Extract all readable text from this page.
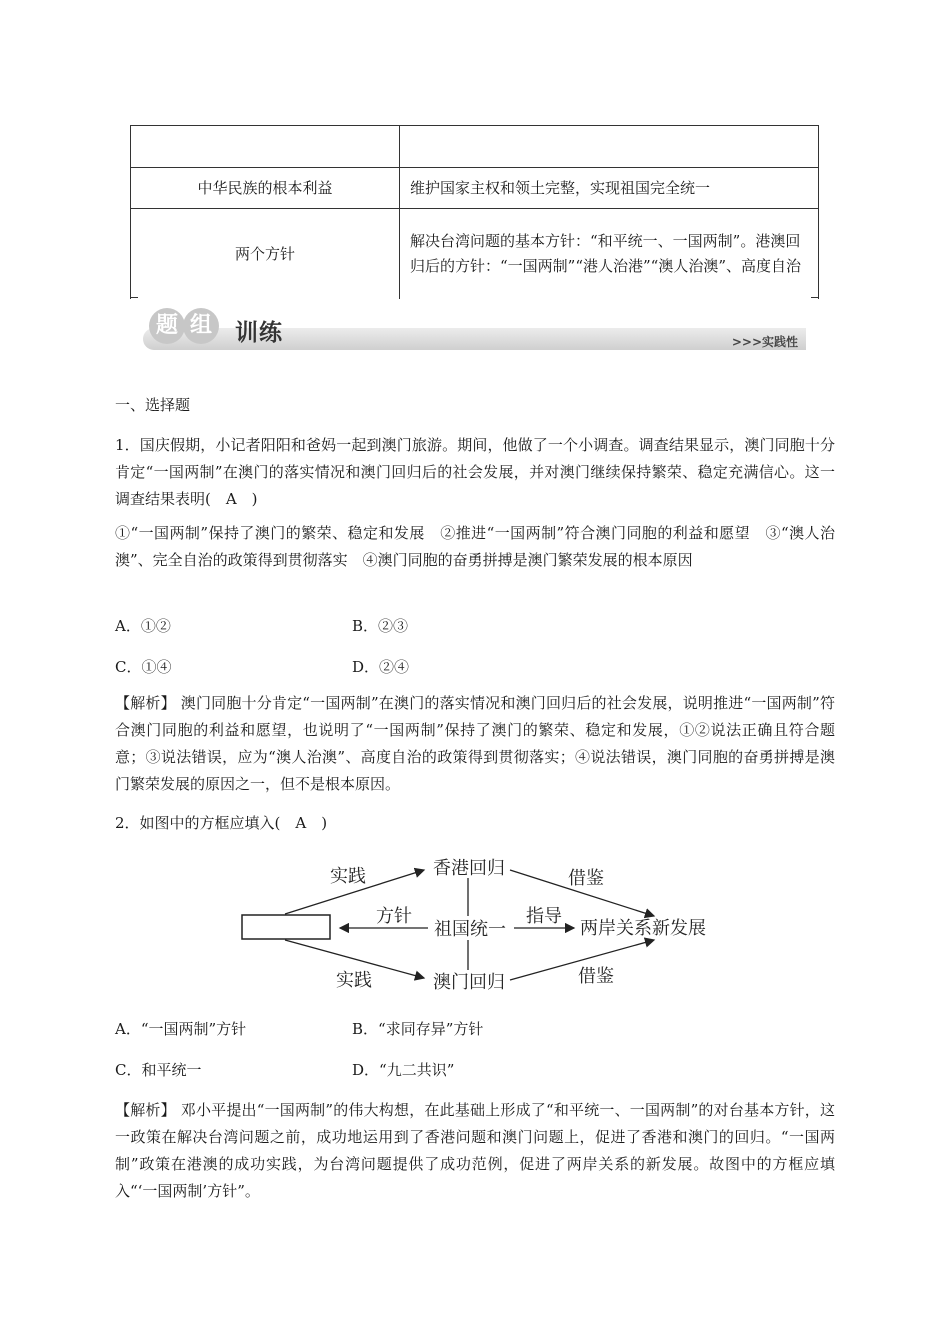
中华民族的根本利益	维护国家主权和领土完整，实现祖国完全统一
两个方针	解决台湾问题的基本方针：“和平统一、一国两制”。港澳回归后的方针：“一国两制”“港人治港”“澳人治澳”、高度自治
题 组	训练	>>>实践性
一、选择题
1．国庆假期，小记者阳阳和爸妈一起到澳门旅游。期间，他做了一个小调查。调查结果显示，澳门同胞十分肯定“一国两制”在澳门的落实情况和澳门回归后的社会发展，并对澳门继续保持繁荣、稳定充满信心。这一调查结果表明(　A　)
①“一国两制”保持了澳门的繁荣、稳定和发展　②推进“一国两制”符合澳门同胞的利益和愿望　③“澳人治澳”、完全自治的政策得到贯彻落实　④澳门同胞的奋勇拼搏是澳门繁荣发展的根本原因
A．①②	B．②③
C．①④	D．②④
【解析】 澳门同胞十分肯定“一国两制”在澳门的落实情况和澳门回归后的社会发展，说明推进“一国两制”符合澳门同胞的利益和愿望，也说明了“一国两制”保持了澳门的繁荣、稳定和发展，①②说法正确且符合题意；③说法错误，应为“澳人治澳”、高度自治的政策得到贯彻落实；④说法错误，澳门同胞的奋勇拼搏是澳门繁荣发展的原因之一，但不是根本原因。
2．如图中的方框应填入(　A　)
香港回归
祖国统一
澳门回归
两岸关系新发展
实践
实践
方针	指导
借鉴
借鉴
A．“一国两制”方针	B．“求同存异”方针
C．和平统一	D．“九二共识”
【解析】 邓小平提出“一国两制”的伟大构想，在此基础上形成了“和平统一、一国两制”的对台基本方针，这一政策在解决台湾问题之前，成功地运用到了香港问题和澳门问题上，促进了香港和澳门的回归。“一国两制”政策在港澳的成功实践，为台湾问题提供了成功范例，促进了两岸关系的新发展。故图中的方框应填入“‘一国两制’方针”。
